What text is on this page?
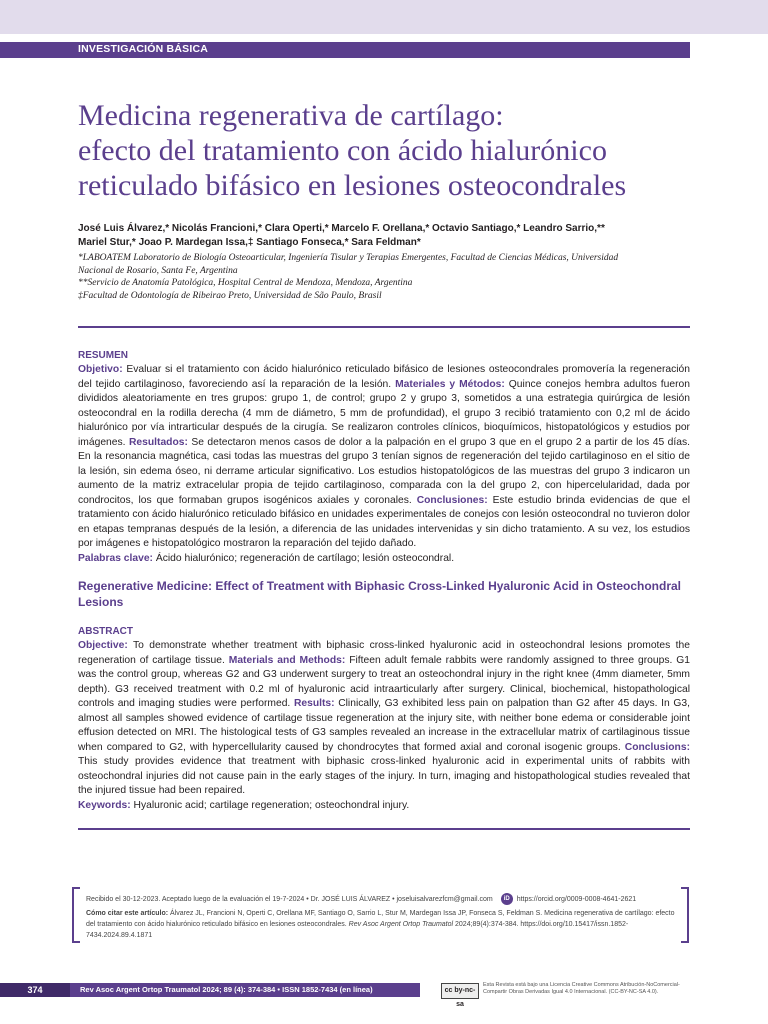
INVESTIGACIÓN BÁSICA
Medicina regenerativa de cartílago:
efecto del tratamiento con ácido hialurónico
reticulado bifásico en lesiones osteocondrales
José Luis Álvarez,* Nicolás Francioni,* Clara Operti,* Marcelo F. Orellana,* Octavio Santiago,* Leandro Sarrio,**
Mariel Stur,* Joao P. Mardegan Issa,‡ Santiago Fonseca,* Sara Feldman*
*LABOATEM Laboratorio de Biología Osteoarticular, Ingeniería Tisular y Terapias Emergentes, Facultad de Ciencias Médicas, Universidad
Nacional de Rosario, Santa Fe, Argentina
**Servicio de Anatomía Patológica, Hospital Central de Mendoza, Mendoza, Argentina
‡Facultad de Odontología de Ribeirao Preto, Universidad de São Paulo, Brasil
RESUMEN
Objetivo: Evaluar si el tratamiento con ácido hialurónico reticulado bifásico de lesiones osteocondrales promovería la regeneración del tejido cartilaginoso, favoreciendo así la reparación de la lesión. Materiales y Métodos: Quince conejos hembra adultos fueron divididos aleatoriamente en tres grupos: grupo 1, de control; grupo 2 y grupo 3, sometidos a una estrategia quirúrgica de lesión osteocondral en la rodilla derecha (4 mm de diámetro, 5 mm de profundidad), el grupo 3 recibió tratamiento con 0,2 ml de ácido hialurónico por vía intrarticular después de la cirugía. Se realizaron controles clínicos, bioquímicos, histopatológicos y estudios por imágenes. Resultados: Se detectaron menos casos de dolor a la palpación en el grupo 3 que en el grupo 2 a partir de los 45 días. En la resonancia magnética, casi todas las muestras del grupo 3 tenían signos de regeneración del tejido cartilaginoso en el sitio de la lesión, sin edema óseo, ni derrame articular significativo. Los estudios histopatológicos de las muestras del grupo 3 indicaron un aumento de la matriz extracelular propia de tejido cartilaginoso, comparada con la del grupo 2, con hipercelularidad, dada por condrocitos, los que formaban grupos isogénicos axiales y coronales. Conclusiones: Este estudio brinda evidencias de que el tratamiento con ácido hialurónico reticulado bifásico en unidades experimentales de conejos con lesión osteocondral no tuvieron dolor en etapas tempranas después de la lesión, a diferencia de las unidades intervenidas y sin dicho tratamiento. A su vez, los estudios por imágenes e histopatológico mostraron la reparación del tejido dañado.
Palabras clave: Ácido hialurónico; regeneración de cartílago; lesión osteocondral.
Regenerative Medicine: Effect of Treatment with Biphasic Cross-Linked Hyaluronic Acid in Osteochondral
Lesions
ABSTRACT
Objective: To demonstrate whether treatment with biphasic cross-linked hyaluronic acid in osteochondral lesions promotes the regeneration of cartilage tissue. Materials and Methods: Fifteen adult female rabbits were randomly assigned to three groups. G1 was the control group, whereas G2 and G3 underwent surgery to treat an osteochondral injury in the right knee (4mm diameter, 5mm depth). G3 received treatment with 0.2 ml of hyaluronic acid intraarticularly after surgery. Clinical, biochemical, histopathological controls and imaging studies were performed. Results: Clinically, G3 exhibited less pain on palpation than G2 after 45 days. In G3, almost all samples showed evidence of cartilage tissue regeneration at the injury site, with neither bone edema or considerable joint effusion detected on MRI. The histological tests of G3 samples revealed an increase in the extracellular matrix of cartilaginous tissue when compared to G2, with hypercellularity caused by chondrocytes that formed axial and coronal isogenic groups. Conclusions: This study provides evidence that treatment with biphasic cross-linked hyaluronic acid in experimental units of rabbits with osteochondral injuries did not cause pain in the early stages of the injury. In turn, imaging and histopathological studies revealed that the injured tissue had been repaired.
Keywords: Hyaluronic acid; cartilage regeneration; osteochondral injury.
Recibido el 30-12-2023. Aceptado luego de la evaluación el 19-7-2024 • Dr. JOSÉ LUIS ÁLVAREZ • joseluisalvarezfcm@gmail.com	iD	https://orcid.org/0009-0008-4641-2621
Cómo citar este artículo: Álvarez JL, Francioni N, Operti C, Orellana MF, Santiago O, Sarrio L, Stur M, Mardegan Issa JP, Fonseca S, Feldman S. Medicina regenerativa de cartílago: efecto del tratamiento con ácido hialurónico reticulado bifásico en lesiones osteocondrales. Rev Asoc Argent Ortop Traumatol 2024;89(4):374-384. https://doi.org/10.15417/issn.1852-7434.2024.89.4.1871
374	Rev Asoc Argent Ortop Traumatol 2024; 89 (4): 374-384 • ISSN 1852-7434 (en línea)	cc by-nc-sa
Esta Revista está bajo una Licencia Creative Commons Atribución-NoComercial-Compartir Obras Derivadas Igual 4.0 Internacional. (CC-BY-NC-SA 4.0).
